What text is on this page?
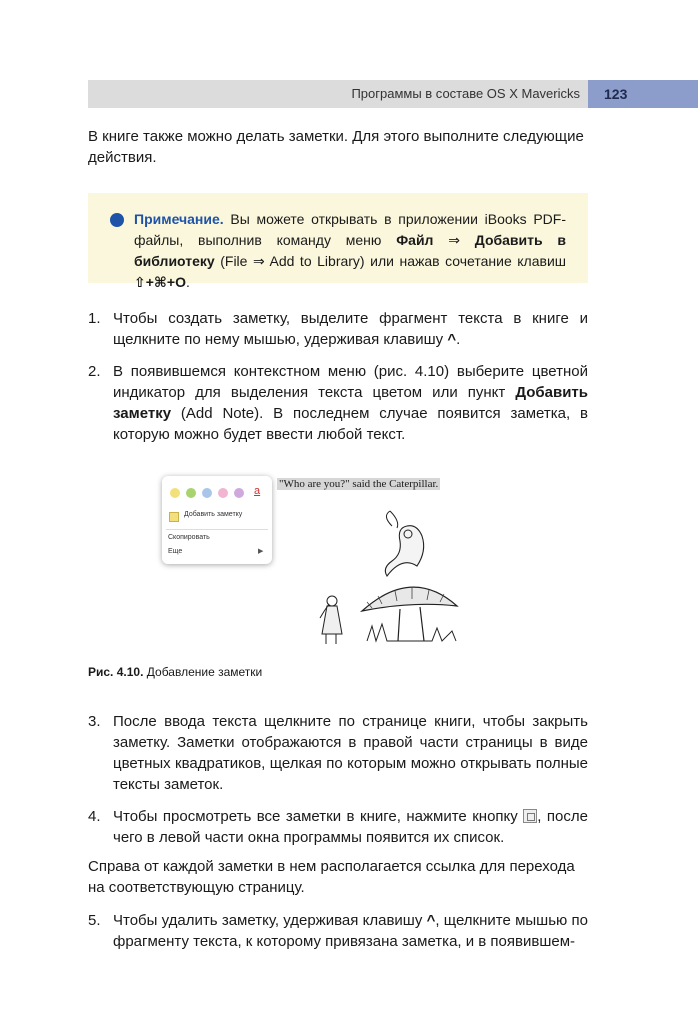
Программы в составе OS X Mavericks	123

В книге также можно делать заметки. Для этого выполните следующие действия.

Примечание. Вы можете открывать в приложении iBooks PDF-файлы, выполнив команду меню Файл ⇒ Добавить в библиотеку (File ⇒ Add to Library) или нажав сочетание клавиш ⇧+⌘+O.

1. Чтобы создать заметку, выделите фрагмент текста в книге и щелкните по нему мышью, удерживая клавишу ^.
2. В появившемся контекстном меню (рис. 4.10) выберите цветной индикатор для выделения текста цветом или пункт Добавить заметку (Add Note). В последнем случае появится заметка, в которую можно будет ввести любой текст.
a
Добавить заметку
Скопировать
Еще	▶
"Who are you?" said the Caterpillar.
Рис. 4.10. Добавление заметки
3. После ввода текста щелкните по странице книги, чтобы закрыть заметку. Заметки отображаются в правой части страницы в виде цветных квадратиков, щелкая по которым можно открывать полные тексты заметок.
4. Чтобы просмотреть все заметки в книге, нажмите кнопку , после чего в левой части окна программы появится их список.

Справа от каждой заметки в нем располагается ссылка для перехода на соответствующую страницу.

5. Чтобы удалить заметку, удерживая клавишу ^, щелкните мышью по фрагменту текста, к которому привязана заметка, и в появившем-
